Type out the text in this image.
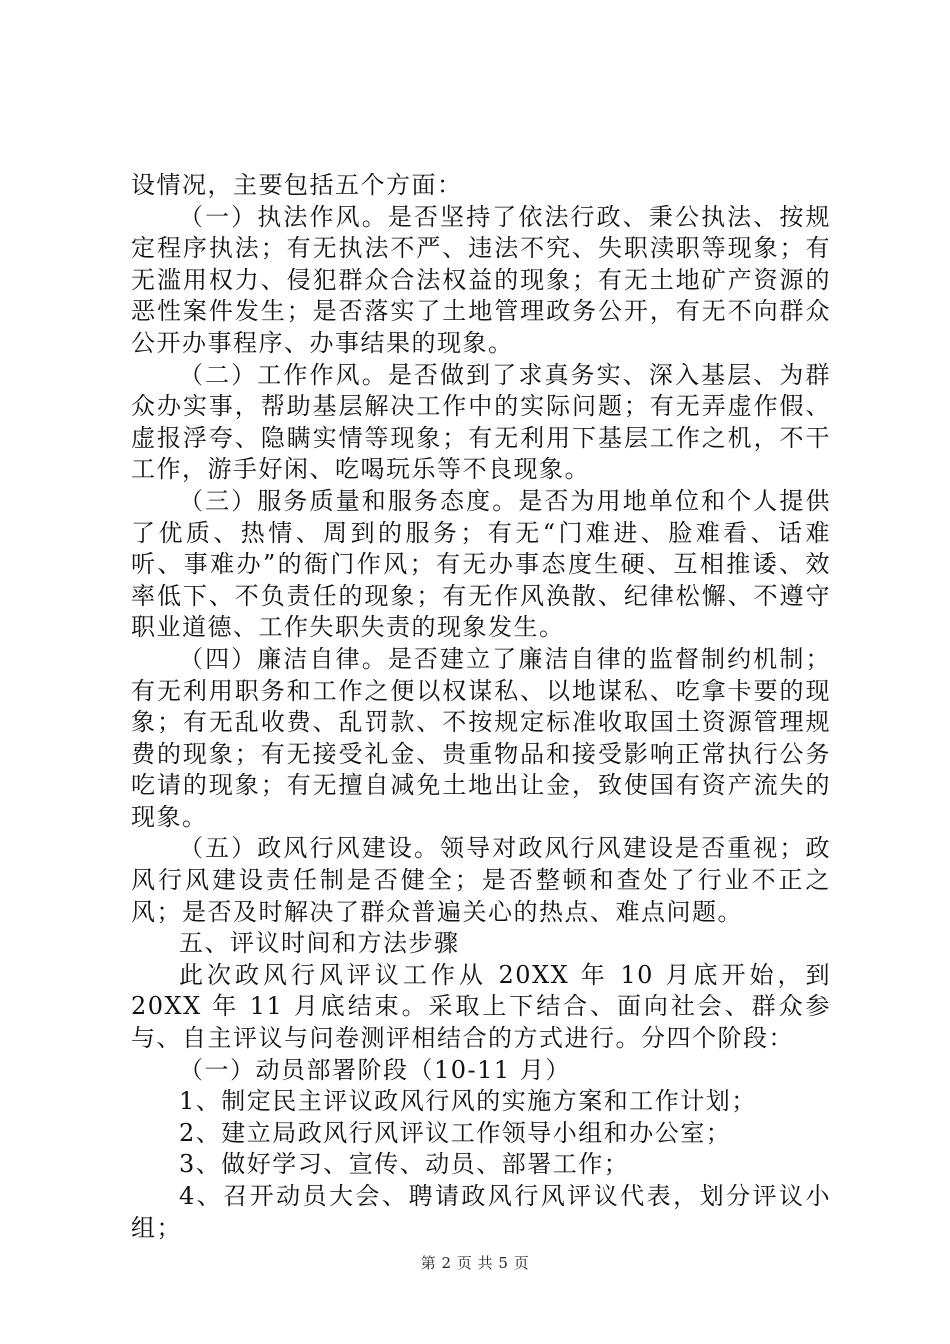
设情况，主要包括五个方面：

（一）执法作风。是否坚持了依法行政、秉公执法、按规定程序执法；有无执法不严、违法不究、失职渎职等现象；有无滥用权力、侵犯群众合法权益的现象；有无土地矿产资源的恶性案件发生；是否落实了土地管理政务公开，有无不向群众公开办事程序、办事结果的现象。

（二）工作作风。是否做到了求真务实、深入基层、为群众办实事，帮助基层解决工作中的实际问题；有无弄虚作假、虚报浮夸、隐瞒实情等现象；有无利用下基层工作之机，不干工作，游手好闲、吃喝玩乐等不良现象。

（三）服务质量和服务态度。是否为用地单位和个人提供了优质、热情、周到的服务；有无“门难进、脸难看、话难听、事难办”的衙门作风；有无办事态度生硬、互相推诿、效率低下、不负责任的现象；有无作风涣散、纪律松懈、不遵守职业道德、工作失职失责的现象发生。

（四）廉洁自律。是否建立了廉洁自律的监督制约机制；有无利用职务和工作之便以权谋私、以地谋私、吃拿卡要的现象；有无乱收费、乱罚款、不按规定标准收取国土资源管理规费的现象；有无接受礼金、贵重物品和接受影响正常执行公务吃请的现象；有无擅自减免土地出让金，致使国有资产流失的现象。

（五）政风行风建设。领导对政风行风建设是否重视；政风行风建设责任制是否健全；是否整顿和查处了行业不正之风；是否及时解决了群众普遍关心的热点、难点问题。

五、评议时间和方法步骤

此次政风行风评议工作从 20XX 年 10 月底开始，到 20XX 年 11 月底结束。采取上下结合、面向社会、群众参与、自主评议与问卷测评相结合的方式进行。分四个阶段：

（一）动员部署阶段（10-11 月）

1、制定民主评议政风行风的实施方案和工作计划；

2、建立局政风行风评议工作领导小组和办公室；

3、做好学习、宣传、动员、部署工作；

4、召开动员大会、聘请政风行风评议代表，划分评议小组；

第 2 页 共 5 页
